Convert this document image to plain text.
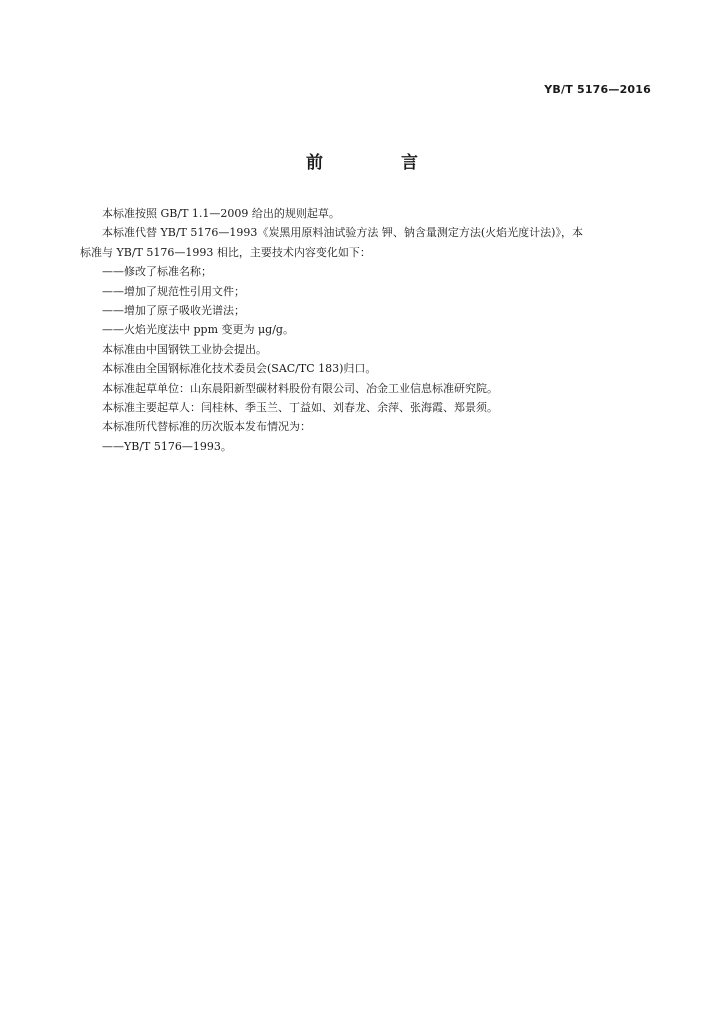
YB/T 5176—2016
前 言

本标准按照 GB/T 1.1—2009 给出的规则起草。

本标准代替 YB/T 5176—1993《炭黑用原料油试验方法 钾、钠含量测定方法(火焰光度计法)》，本

标准与 YB/T 5176—1993 相比，主要技术内容变化如下：

——修改了标准名称；

——增加了规范性引用文件；

——增加了原子吸收光谱法；

——火焰光度法中 ppm 变更为 μg/g。

本标准由中国钢铁工业协会提出。

本标准由全国钢标准化技术委员会(SAC/TC 183)归口。

本标准起草单位：山东晨阳新型碳材料股份有限公司、冶金工业信息标准研究院。

本标准主要起草人：闫桂林、季玉兰、丁益如、刘春龙、余萍、张海霞、郑景须。

本标准所代替标准的历次版本发布情况为：

——YB/T 5176—1993。
